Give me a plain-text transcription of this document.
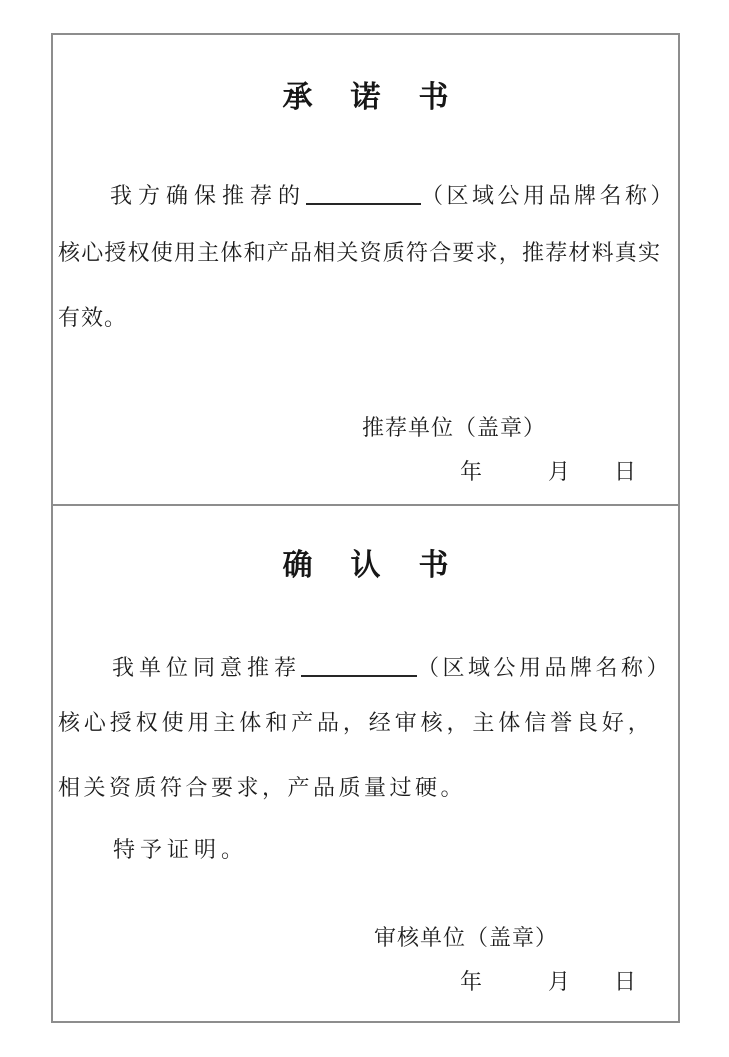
承诺书

我方确保推荐的	（区域公用品牌名称）

核心授权使用主体和产品相关资质符合要求，推荐材料真实

有效。

推荐单位（盖章）

年　　　月　　日

确认书

我单位同意推荐	（区域公用品牌名称）

核心授权使用主体和产品，经审核，主体信誉良好，

相关资质符合要求，产品质量过硬。

特予证明。

审核单位（盖章）

年　　　月　　日
